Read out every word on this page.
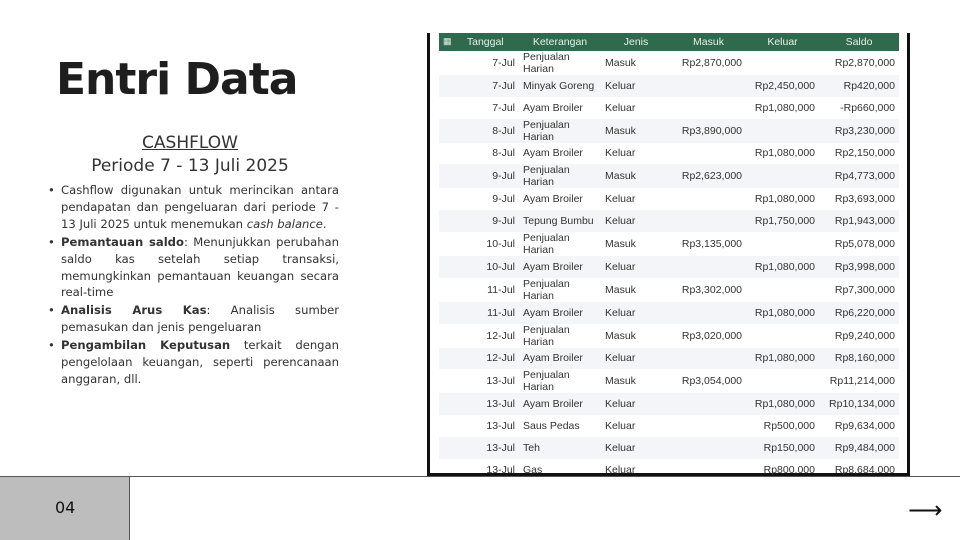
Entri Data
CASHFLOW
Periode 7 - 13 Juli 2025
• Cashflow digunakan untuk merincikan antara pendapatan dan pengeluaran dari periode 7 - 13 Juli 2025 untuk menemukan cash balance.
• Pemantauan saldo: Menunjukkan perubahan saldo kas setelah setiap transaksi, memungkinkan pemantauan keuangan secara real-time
• Analisis Arus Kas: Analisis sumber pemasukan dan jenis pengeluaran
• Pengambilan Keputusan terkait dengan pengelolaan keuangan, seperti perencanaan anggaran, dll.
▦ Tanggal	Keterangan	Jenis	Masuk	Keluar	Saldo
7-Jul	Penjualan Harian	Masuk	Rp2,870,000		Rp2,870,000
7-Jul	Minyak Goreng	Keluar		Rp2,450,000	Rp420,000
7-Jul	Ayam Broiler	Keluar		Rp1,080,000	-Rp660,000
8-Jul	Penjualan Harian	Masuk	Rp3,890,000		Rp3,230,000
8-Jul	Ayam Broiler	Keluar		Rp1,080,000	Rp2,150,000
9-Jul	Penjualan Harian	Masuk	Rp2,623,000		Rp4,773,000
9-Jul	Ayam Broiler	Keluar		Rp1,080,000	Rp3,693,000
9-Jul	Tepung Bumbu	Keluar		Rp1,750,000	Rp1,943,000
10-Jul	Penjualan Harian	Masuk	Rp3,135,000		Rp5,078,000
10-Jul	Ayam Broiler	Keluar		Rp1,080,000	Rp3,998,000
11-Jul	Penjualan Harian	Masuk	Rp3,302,000		Rp7,300,000
11-Jul	Ayam Broiler	Keluar		Rp1,080,000	Rp6,220,000
12-Jul	Penjualan Harian	Masuk	Rp3,020,000		Rp9,240,000
12-Jul	Ayam Broiler	Keluar		Rp1,080,000	Rp8,160,000
13-Jul	Penjualan Harian	Masuk	Rp3,054,000		Rp11,214,000
13-Jul	Ayam Broiler	Keluar		Rp1,080,000	Rp10,134,000
13-Jul	Saus Pedas	Keluar		Rp500,000	Rp9,634,000
13-Jul	Teh	Keluar		Rp150,000	Rp9,484,000
13-Jul	Gas	Keluar		Rp800,000	Rp8,684,000
04	⟶
